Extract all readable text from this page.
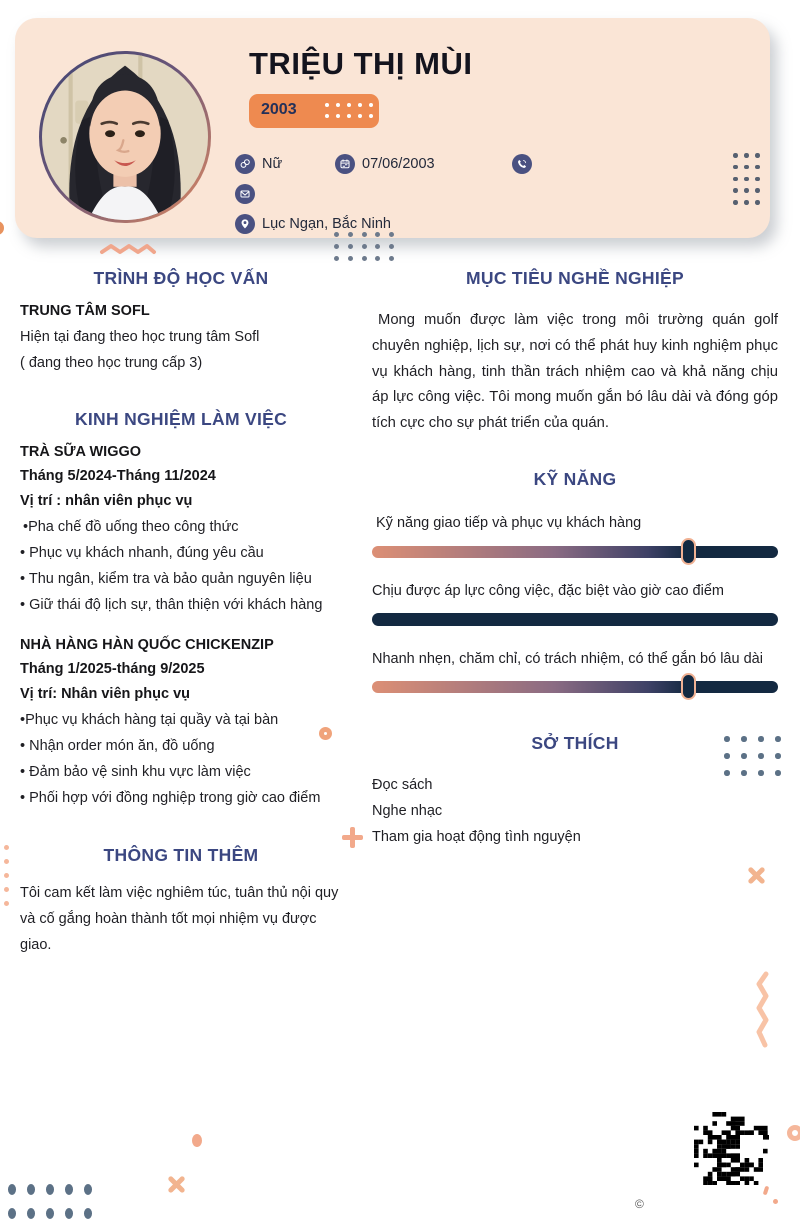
TRIỆU THỊ MÙI
2003
Nữ	07/06/2003
Lục Ngạn, Bắc Ninh
TRÌNH ĐỘ HỌC VẤN
TRUNG TÂM SOFL
Hiện tại đang theo học trung tâm Sofl
( đang theo học trung cấp 3)
KINH NGHIỆM LÀM VIỆC
TRÀ SỮA WIGGO
Tháng 5/2024-Tháng 11/2024
Vị trí : nhân viên phục vụ
•Pha chế đồ uống theo công thức
• Phục vụ khách nhanh, đúng yêu cầu
• Thu ngân, kiểm tra và bảo quản nguyên liệu
• Giữ thái độ lịch sự, thân thiện với khách hàng
NHÀ HÀNG HÀN QUỐC CHICKENZIP
Tháng 1/2025-tháng 9/2025
Vị trí: Nhân viên phục vụ
•Phục vụ khách hàng tại quầy và tại bàn
• Nhận order món ăn, đồ uống
• Đảm bảo vệ sinh khu vực làm việc
• Phối hợp với đồng nghiệp trong giờ cao điểm
THÔNG TIN THÊM
Tôi cam kết làm việc nghiêm túc, tuân thủ nội quy và cố gắng hoàn thành tốt mọi nhiệm vụ được giao.
MỤC TIÊU NGHỀ NGHIỆP
Mong muốn được làm việc trong môi trường quán golf chuyên nghiệp, lịch sự, nơi có thể phát huy kinh nghiệm phục vụ khách hàng, tinh thần trách nhiệm cao và khả năng chịu áp lực công việc. Tôi mong muốn gắn bó lâu dài và đóng góp tích cực cho sự phát triển của quán.
KỸ NĂNG
Kỹ năng giao tiếp và phục vụ khách hàng
Chịu được áp lực công việc, đặc biệt vào giờ cao điểm
Nhanh nhẹn, chăm chỉ, có trách nhiệm, có thể gắn bó lâu dài
SỞ THÍCH
Đọc sách
Nghe nhạc
Tham gia hoạt động tình nguyện
©
